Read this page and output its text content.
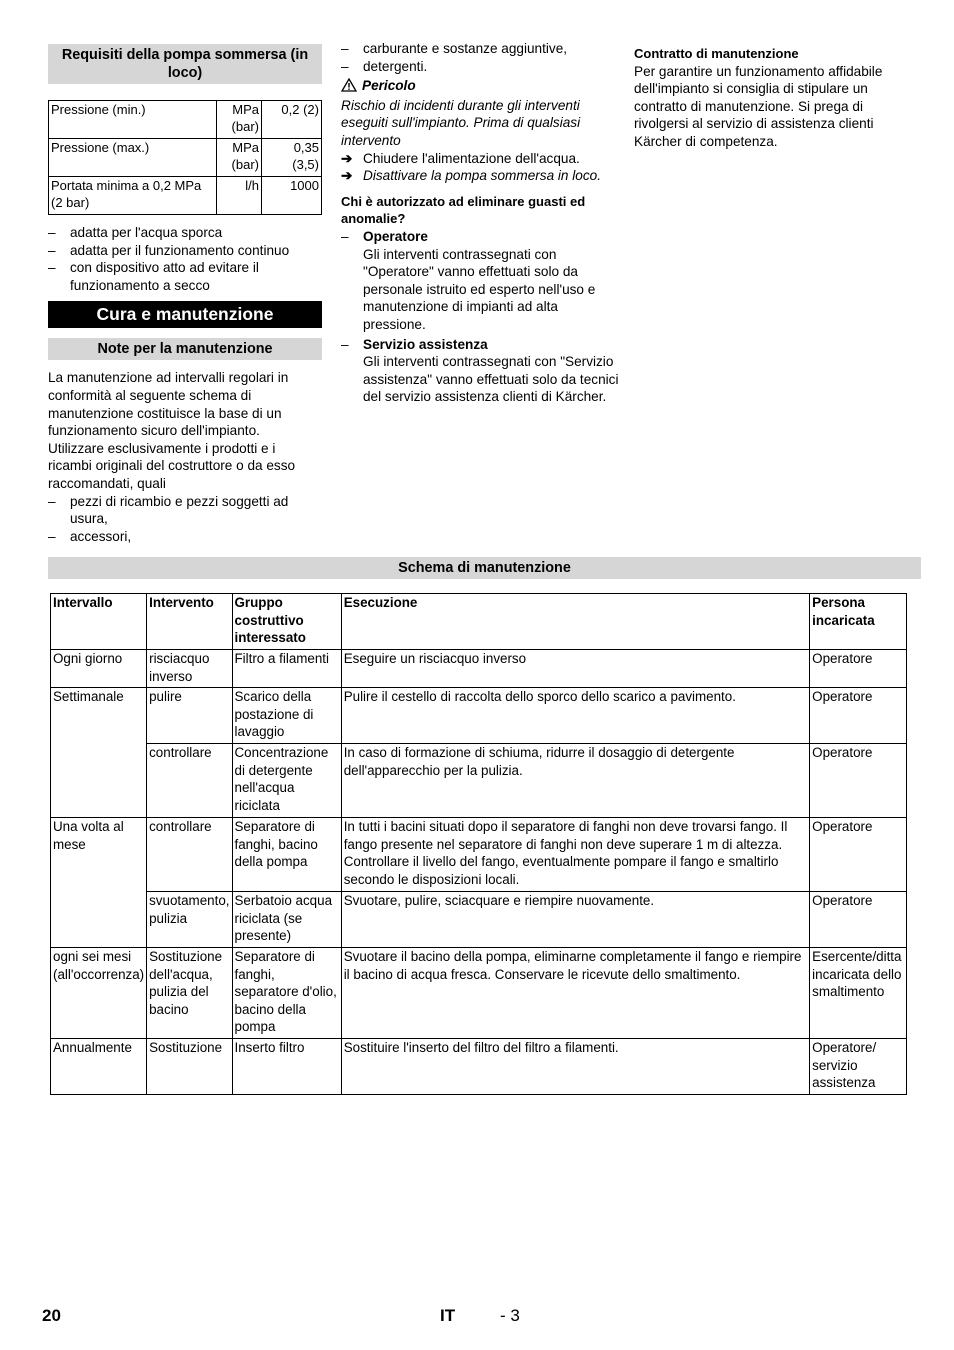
Requisiti della pompa sommersa (in loco)
Pressione (min.)	MPa (bar)	0,2 (2)
Pressione (max.)	MPa (bar)	0,35 (3,5)
Portata minima a 0,2 MPa (2 bar)	l/h	1000
– adatta per l'acqua sporca
– adatta per il funzionamento continuo
– con dispositivo atto ad evitare il funzionamento a secco
Cura e manutenzione
Note per la manutenzione

La manutenzione ad intervalli regolari in conformità al seguente schema di manutenzione costituisce la base di un funzionamento sicuro dell'impianto.

Utilizzare esclusivamente i prodotti e i ricambi originali del costruttore o da esso raccomandati, quali

– pezzi di ricambio e pezzi soggetti ad usura,
– accessori,
– carburante e sostanze aggiuntive,
– detergenti.
Pericolo

Rischio di incidenti durante gli interventi eseguiti sull'impianto. Prima di qualsiasi intervento

➔ Chiudere l'alimentazione dell'acqua.
➔ Disattivare la pompa sommersa in loco.

Chi è autorizzato ad eliminare guasti ed anomalie?

– Operatore
Gli interventi contrassegnati con "Operatore" vanno effettuati solo da personale istruito ed esperto nell'uso e manutenzione di impianti ad alta pressione.
– Servizio assistenza
Gli interventi contrassegnati con "Servizio assistenza" vanno effettuati solo da tecnici del servizio assistenza clienti di Kärcher.

Contratto di manutenzione

Per garantire un funzionamento affidabile dell'impianto si consiglia di stipulare un contratto di manutenzione. Si prega di rivolgersi al servizio di assistenza clienti Kärcher di competenza.

Schema di manutenzione
Intervallo	Intervento	Gruppo costruttivo interessato	Esecuzione	Persona incaricata
Ogni giorno	risciacquo inverso	Filtro a filamenti	Eseguire un risciacquo inverso	Operatore
Settimanale	pulire	Scarico della postazione di lavaggio	Pulire il cestello di raccolta dello sporco dello scarico a pavimento.	Operatore
	controllare	Concentrazione di detergente nell'acqua riciclata	In caso di formazione di schiuma, ridurre il dosaggio di detergente dell'apparecchio per la pulizia.	Operatore
Una volta al mese	controllare	Separatore di fanghi, bacino della pompa	In tutti i bacini situati dopo il separatore di fanghi non deve trovarsi fango. Il fango presente nel separatore di fanghi non deve superare 1 m di altezza. Controllare il livello del fango, eventualmente pompare il fango e smaltirlo secondo le disposizioni locali.	Operatore
	svuotamento, pulizia	Serbatoio acqua riciclata (se presente)	Svuotare, pulire, sciacquare e riempire nuovamente.	Operatore
ogni sei mesi (all'occorrenza)	Sostituzione dell'acqua, pulizia del bacino	Separatore di fanghi, separatore d'olio, bacino della pompa	Svuotare il bacino della pompa, eliminarne completamente il fango e riempire il bacino di acqua fresca. Conservare le ricevute dello smaltimento.	Esercente/ditta incaricata dello smaltimento
Annualmente	Sostituzione	Inserto filtro	Sostituire l'inserto del filtro del filtro a filamenti.	Operatore/ servizio assistenza
20	IT	- 3
